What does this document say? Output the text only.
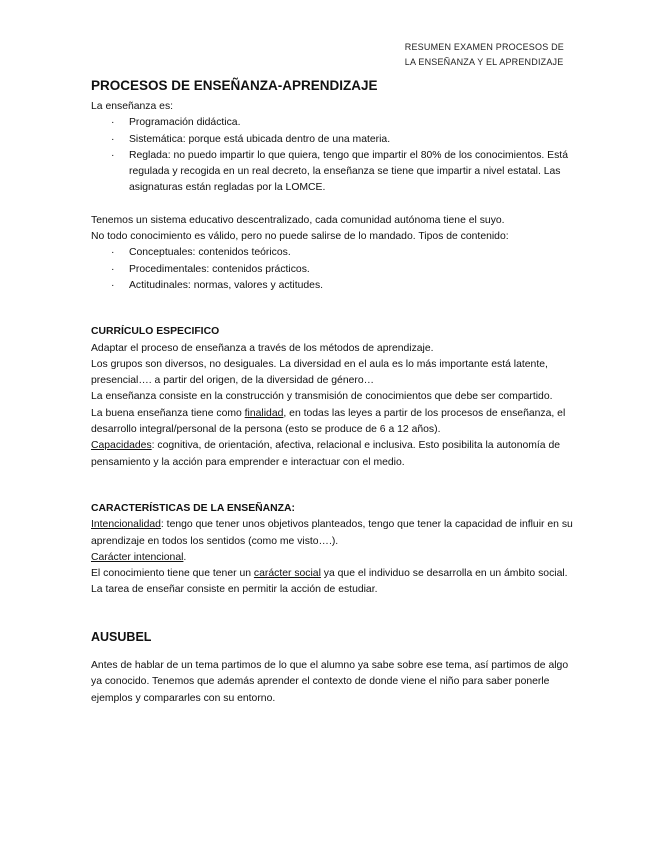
RESUMEN EXAMEN PROCESOS DE
LA ENSEÑANZA Y EL APRENDIZAJE
PROCESOS DE ENSEÑANZA-APRENDIZAJE

La enseñanza es:

· Programación didáctica.
· Sistemática: porque está ubicada dentro de una materia.
· Reglada: no puedo impartir lo que quiera, tengo que impartir el 80% de los conocimientos. Está regulada y recogida en un real decreto, la enseñanza se tiene que impartir a nivel estatal. Las asignaturas están regladas por la LOMCE.

Tenemos un sistema educativo descentralizado, cada comunidad autónoma tiene el suyo.

No todo conocimiento es válido, pero no puede salirse de lo mandado. Tipos de contenido:

· Conceptuales: contenidos teóricos.
· Procedimentales: contenidos prácticos.
· Actitudinales: normas, valores y actitudes.

CURRÍCULO ESPECIFICO

Adaptar el proceso de enseñanza a través de los métodos de aprendizaje.

Los grupos son diversos, no desiguales. La diversidad en el aula es lo más importante está latente, presencial…. a partir del origen, de la diversidad de género…

La enseñanza consiste en la construcción y transmisión de conocimientos que debe ser compartido.

La buena enseñanza tiene como finalidad, en todas las leyes a partir de los procesos de enseñanza, el desarrollo integral/personal de la persona (esto se produce de 6 a 12 años).

Capacidades: cognitiva, de orientación, afectiva, relacional e inclusiva. Esto posibilita la autonomía de pensamiento y la acción para emprender e interactuar con el medio.

CARACTERÍSTICAS DE LA ENSEÑANZA:

Intencionalidad: tengo que tener unos objetivos planteados, tengo que tener la capacidad de influir en su aprendizaje en todos los sentidos (como me visto….).

Carácter intencional.

El conocimiento tiene que tener un carácter social ya que el individuo se desarrolla en un ámbito social.

La tarea de enseñar consiste en permitir la acción de estudiar.

AUSUBEL

Antes de hablar de un tema partimos de lo que el alumno ya sabe sobre ese tema, así partimos de algo ya conocido. Tenemos que además aprender el contexto de donde viene el niño para saber ponerle ejemplos y compararles con su entorno.
